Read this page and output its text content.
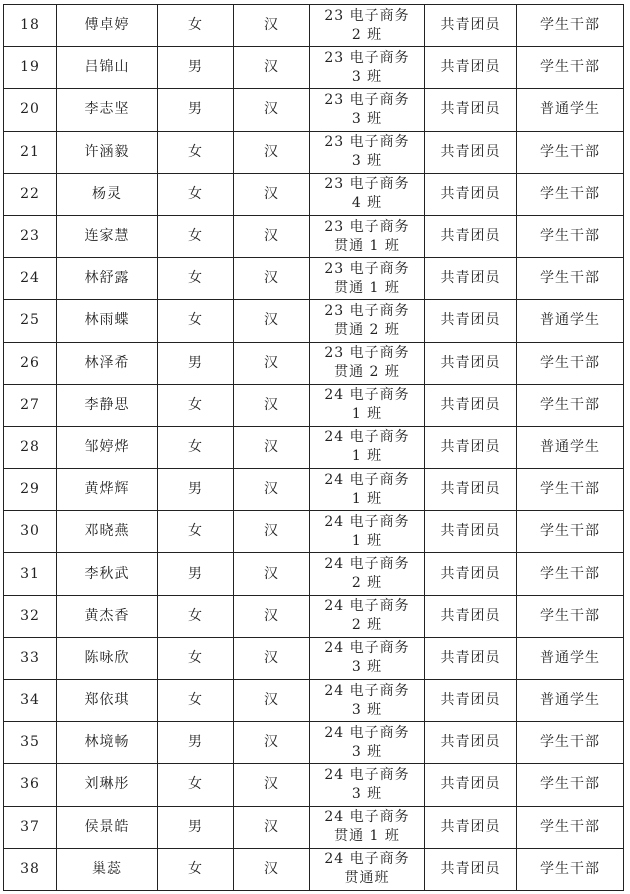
18	傅卓婷	女	汉	23 电子商务 2 班	共青团员	学生干部
19	吕锦山	男	汉	23 电子商务 3 班	共青团员	学生干部
20	李志坚	男	汉	23 电子商务 3 班	共青团员	普通学生
21	许涵毅	女	汉	23 电子商务 3 班	共青团员	学生干部
22	杨灵	女	汉	23 电子商务 4 班	共青团员	学生干部
23	连家慧	女	汉	23 电子商务贯通 1 班	共青团员	学生干部
24	林舒露	女	汉	23 电子商务贯通 1 班	共青团员	学生干部
25	林雨蝶	女	汉	23 电子商务贯通 2 班	共青团员	普通学生
26	林泽希	男	汉	23 电子商务贯通 2 班	共青团员	学生干部
27	李静思	女	汉	24 电子商务 1 班	共青团员	学生干部
28	邹婷烨	女	汉	24 电子商务 1 班	共青团员	普通学生
29	黄烨辉	男	汉	24 电子商务 1 班	共青团员	学生干部
30	邓晓燕	女	汉	24 电子商务 1 班	共青团员	学生干部
31	李秋武	男	汉	24 电子商务 2 班	共青团员	学生干部
32	黄杰香	女	汉	24 电子商务 2 班	共青团员	学生干部
33	陈咏欣	女	汉	24 电子商务 3 班	共青团员	普通学生
34	郑依琪	女	汉	24 电子商务 3 班	共青团员	普通学生
35	林境畅	男	汉	24 电子商务 3 班	共青团员	学生干部
36	刘琳彤	女	汉	24 电子商务 3 班	共青团员	学生干部
37	侯景皓	男	汉	24 电子商务贯通 1 班	共青团员	学生干部
38	巢蕊	女	汉	24 电子商务贯通班	共青团员	学生干部
